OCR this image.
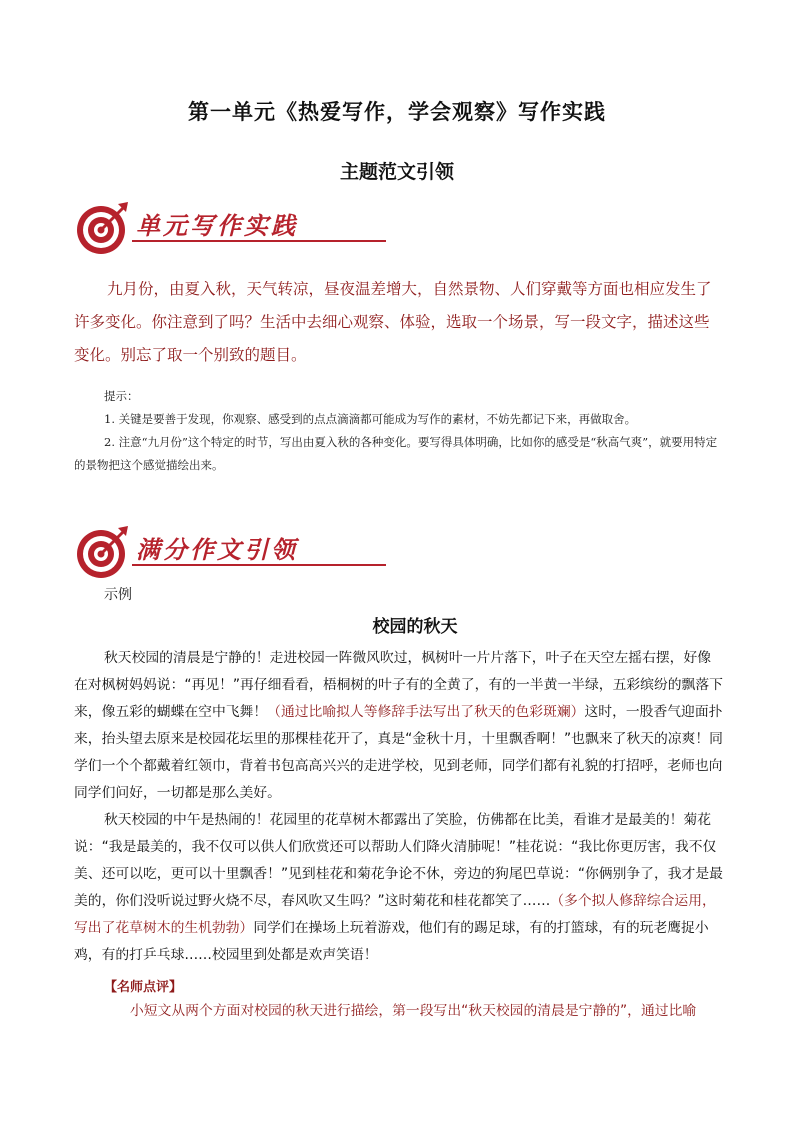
第一单元《热爱写作，学会观察》写作实践
主题范文引领
单元写作实践
九月份，由夏入秋，天气转凉，昼夜温差增大，自然景物、人们穿戴等方面也相应发生了许多变化。你注意到了吗？生活中去细心观察、体验，选取一个场景，写一段文字，描述这些变化。别忘了取一个别致的题目。

提示：

1. 关键是要善于发现，你观察、感受到的点点滴滴都可能成为写作的素材，不妨先都记下来，再做取舍。

2. 注意“九月份”这个特定的时节，写出由夏入秋的各种变化。要写得具体明确，比如你的感受是“秋高气爽”，就要用特定的景物把这个感觉描绘出来。

满分作文引领
示例
校园的秋天

秋天校园的清晨是宁静的！走进校园一阵微风吹过，枫树叶一片片落下，叶子在天空左摇右摆，好像在对枫树妈妈说：“再见！”再仔细看看，梧桐树的叶子有的全黄了，有的一半黄一半绿，五彩缤纷的飘落下来，像五彩的蝴蝶在空中飞舞！（通过比喻拟人等修辞手法写出了秋天的色彩斑斓）这时，一股香气迎面扑来，抬头望去原来是校园花坛里的那棵桂花开了，真是“金秋十月，十里飘香啊！”也飘来了秋天的凉爽！同学们一个个都戴着红领巾，背着书包高高兴兴的走进学校，见到老师，同学们都有礼貌的打招呼，老师也向同学们问好，一切都是那么美好。

秋天校园的中午是热闹的！花园里的花草树木都露出了笑脸，仿佛都在比美，看谁才是最美的！菊花说：“我是最美的，我不仅可以供人们欣赏还可以帮助人们降火清肺呢！”桂花说：“我比你更厉害，我不仅美、还可以吃，更可以十里飘香！”见到桂花和菊花争论不休，旁边的狗尾巴草说：“你俩别争了，我才是最美的，你们没听说过野火烧不尽，春风吹又生吗？”这时菊花和桂花都笑了……（多个拟人修辞综合运用，写出了花草树木的生机勃勃）同学们在操场上玩着游戏，他们有的踢足球，有的打篮球，有的玩老鹰捉小鸡，有的打乒乓球……校园里到处都是欢声笑语！

【名师点评】
小短文从两个方面对校园的秋天进行描绘，第一段写出“秋天校园的清晨是宁静的”，通过比喻
